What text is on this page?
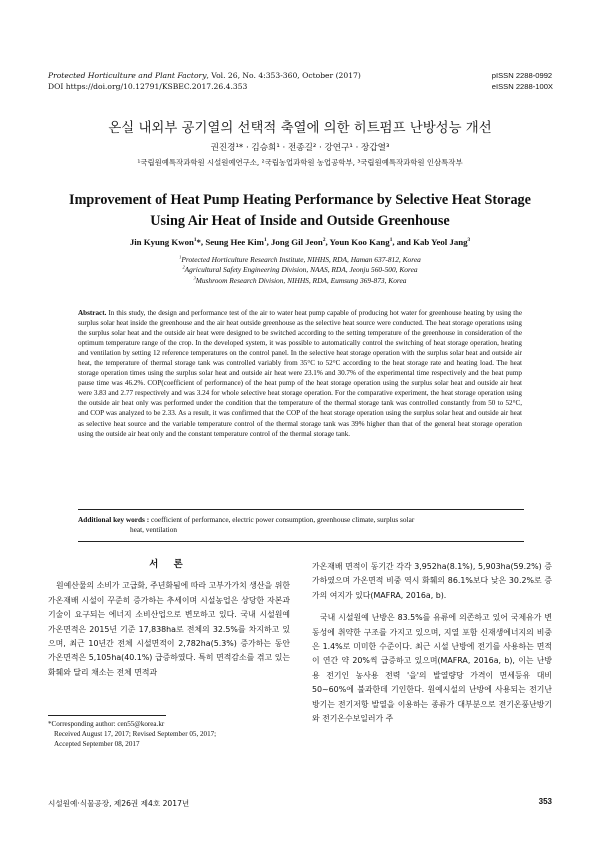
Protected Horticulture and Plant Factory, Vol. 26, No. 4:353-360, October (2017)
DOI https://doi.org/10.12791/KSBEC.2017.26.4.353
pISSN 2288-0992
eISSN 2288-100X
온실 내외부 공기열의 선택적 축열에 의한 히트펌프 난방성능 개선
권진경¹* · 김승희¹ · 전종길² · 강연구¹ · 장갑열³
¹국립원예특작과학원 시설원예연구소, ²국립농업과학원 농업공학부, ³국립원예특작과학원 인삼특작부
Improvement of Heat Pump Heating Performance by Selective Heat Storage
Using Air Heat of Inside and Outside Greenhouse
Jin Kyung Kwon$^1$*, Seung Hee Kim$^1$, Jong Gil Jeon$^2$, Youn Koo Kang$^1$, and Kab Yeol Jang$^3$
$^1$Protected Horticulture Research Institute, NIHHS, RDA, Haman 637-812, Korea
$^2$Agricultural Safety Engineering Division, NAAS, RDA, Jeonju 560-500, Korea
$^3$Mushroom Research Division, NIHHS, RDA, Eumsung 369-873, Korea
Abstract. In this study, the design and performance test of the air to water heat pump capable of producing hot water for greenhouse heating by using the surplus solar heat inside the greenhouse and the air heat outside greenhouse as the selective heat source were conducted. The heat storage operations using the surplus solar heat and the outside air heat were designed to be switched according to the setting temperature of the greenhouse in consideration of the optimum temperature range of the crop. In the developed system, it was possible to automatically control the switching of heat storage operation, heating and ventilation by setting 12 reference temperatures on the control panel. In the selective heat storage operation with the surplus solar heat and outside air heat, the temperature of thermal storage tank was controlled variably from 35°C to 52°C according to the heat storage rate and heating load. The heat storage operation times using the surplus solar heat and outside air heat were 23.1% and 30.7% of the experimental time respectively and the heat pump pause time was 46.2%. COP(coefficient of performance) of the heat pump of the heat storage operation using the surplus solar heat and outside air heat were 3.83 and 2.77 respectively and was 3.24 for whole selective heat storage operation. For the comparative experiment, the heat storage operation using the outside air heat only was performed under the condition that the temperature of the thermal storage tank was controlled constantly from 50 to 52°C, and COP was analyzed to be 2.33. As a result, it was confirmed that the COP of the heat storage operation using the surplus solar heat and outside air heat as selective heat source and the variable temperature control of the thermal storage tank was 39% higher than that of the general heat storage operation using the outside air heat only and the constant temperature control of the thermal storage tank.
Additional key words : coefficient of performance, electric power consumption, greenhouse climate, surplus solar
heat, ventilation
서 론

원예산물의 소비가 고급화, 주년화됨에 따라 고부가가치 생산을 위한 가온재배 시설이 꾸준히 증가하는 추세이며 시설농업은 상당한 자본과 기술이 요구되는 에너지 소비산업으로 변모하고 있다. 국내 시설원예 가온면적은 2015년 기준 17,838ha로 전체의 32.5%를 차지하고 있으며, 최근 10년간 전체 시설면적이 2,782ha(5.3%) 증가하는 동안 가온면적은 5,105ha(40.1%) 급증하였다. 특히 면적감소를 겪고 있는 화훼와 달리 채소는 전체 면적과

가온재배 면적이 동기간 각각 3,952ha(8.1%), 5,903ha(59.2%) 증가하였으며 가온면적 비중 역시 화훼의 86.1%보다 낮은 30.2%로 증가의 여지가 있다(MAFRA, 2016a, b).

국내 시설원예 난방은 83.5%를 유류에 의존하고 있어 국제유가 변동성에 취약한 구조를 가지고 있으며, 지열 포함 신재생에너지의 비중은 1.4%로 미미한 수준이다. 최근 시설 난방에 전기를 사용하는 면적이 연간 약 20%씩 급증하고 있으며(MAFRA, 2016a, b), 이는 난방용 전기인 농사용 전력 '을'의 발열량당 가격이 면세등유 대비 50~60%에 불과한데 기인한다. 원예시설의 난방에 사용되는 전기난방기는 전기저항 발열을 이용하는 종류가 대부분으로 전기온풍난방기와 전기온수보일러가 주

*Corresponding author: cen55@korea.kr
Received August 17, 2017; Revised September 05, 2017;
Accepted September 08, 2017
시설원예·식물공장, 제26권 제4호 2017년	353
